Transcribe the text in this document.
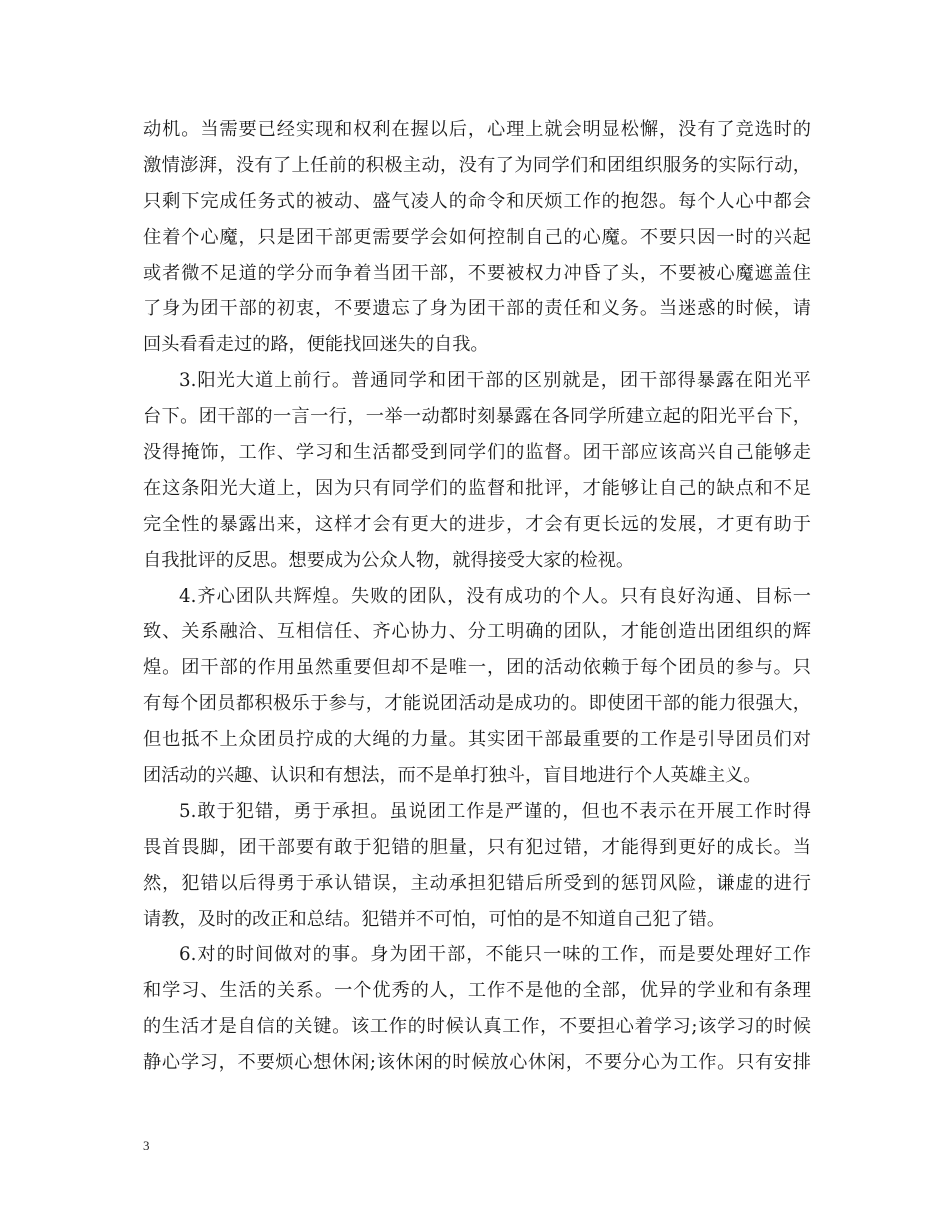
动机。当需要已经实现和权利在握以后，心理上就会明显松懈，没有了竞选时的
激情澎湃，没有了上任前的积极主动，没有了为同学们和团组织服务的实际行动，
只剩下完成任务式的被动、盛气凌人的命令和厌烦工作的抱怨。每个人心中都会
住着个心魔，只是团干部更需要学会如何控制自己的心魔。不要只因一时的兴起
或者微不足道的学分而争着当团干部，不要被权力冲昏了头，不要被心魔遮盖住
了身为团干部的初衷，不要遗忘了身为团干部的责任和义务。当迷惑的时候，请
回头看看走过的路，便能找回迷失的自我。
3.阳光大道上前行。普通同学和团干部的区别就是，团干部得暴露在阳光平
台下。团干部的一言一行，一举一动都时刻暴露在各同学所建立起的阳光平台下，
没得掩饰，工作、学习和生活都受到同学们的监督。团干部应该高兴自己能够走
在这条阳光大道上，因为只有同学们的监督和批评，才能够让自己的缺点和不足
完全性的暴露出来，这样才会有更大的进步，才会有更长远的发展，才更有助于
自我批评的反思。想要成为公众人物，就得接受大家的检视。
4.齐心团队共辉煌。失败的团队，没有成功的个人。只有良好沟通、目标一
致、关系融洽、互相信任、齐心协力、分工明确的团队，才能创造出团组织的辉
煌。团干部的作用虽然重要但却不是唯一，团的活动依赖于每个团员的参与。只
有每个团员都积极乐于参与，才能说团活动是成功的。即使团干部的能力很强大，
但也抵不上众团员拧成的大绳的力量。其实团干部最重要的工作是引导团员们对
团活动的兴趣、认识和有想法，而不是单打独斗，盲目地进行个人英雄主义。
5.敢于犯错，勇于承担。虽说团工作是严谨的，但也不表示在开展工作时得
畏首畏脚，团干部要有敢于犯错的胆量，只有犯过错，才能得到更好的成长。当
然，犯错以后得勇于承认错误，主动承担犯错后所受到的惩罚风险，谦虚的进行
请教，及时的改正和总结。犯错并不可怕，可怕的是不知道自己犯了错。
6.对的时间做对的事。身为团干部，不能只一味的工作，而是要处理好工作
和学习、生活的关系。一个优秀的人，工作不是他的全部，优异的学业和有条理
的生活才是自信的关键。该工作的时候认真工作，不要担心着学习;该学习的时候
静心学习，不要烦心想休闲;该休闲的时候放心休闲，不要分心为工作。只有安排
3
